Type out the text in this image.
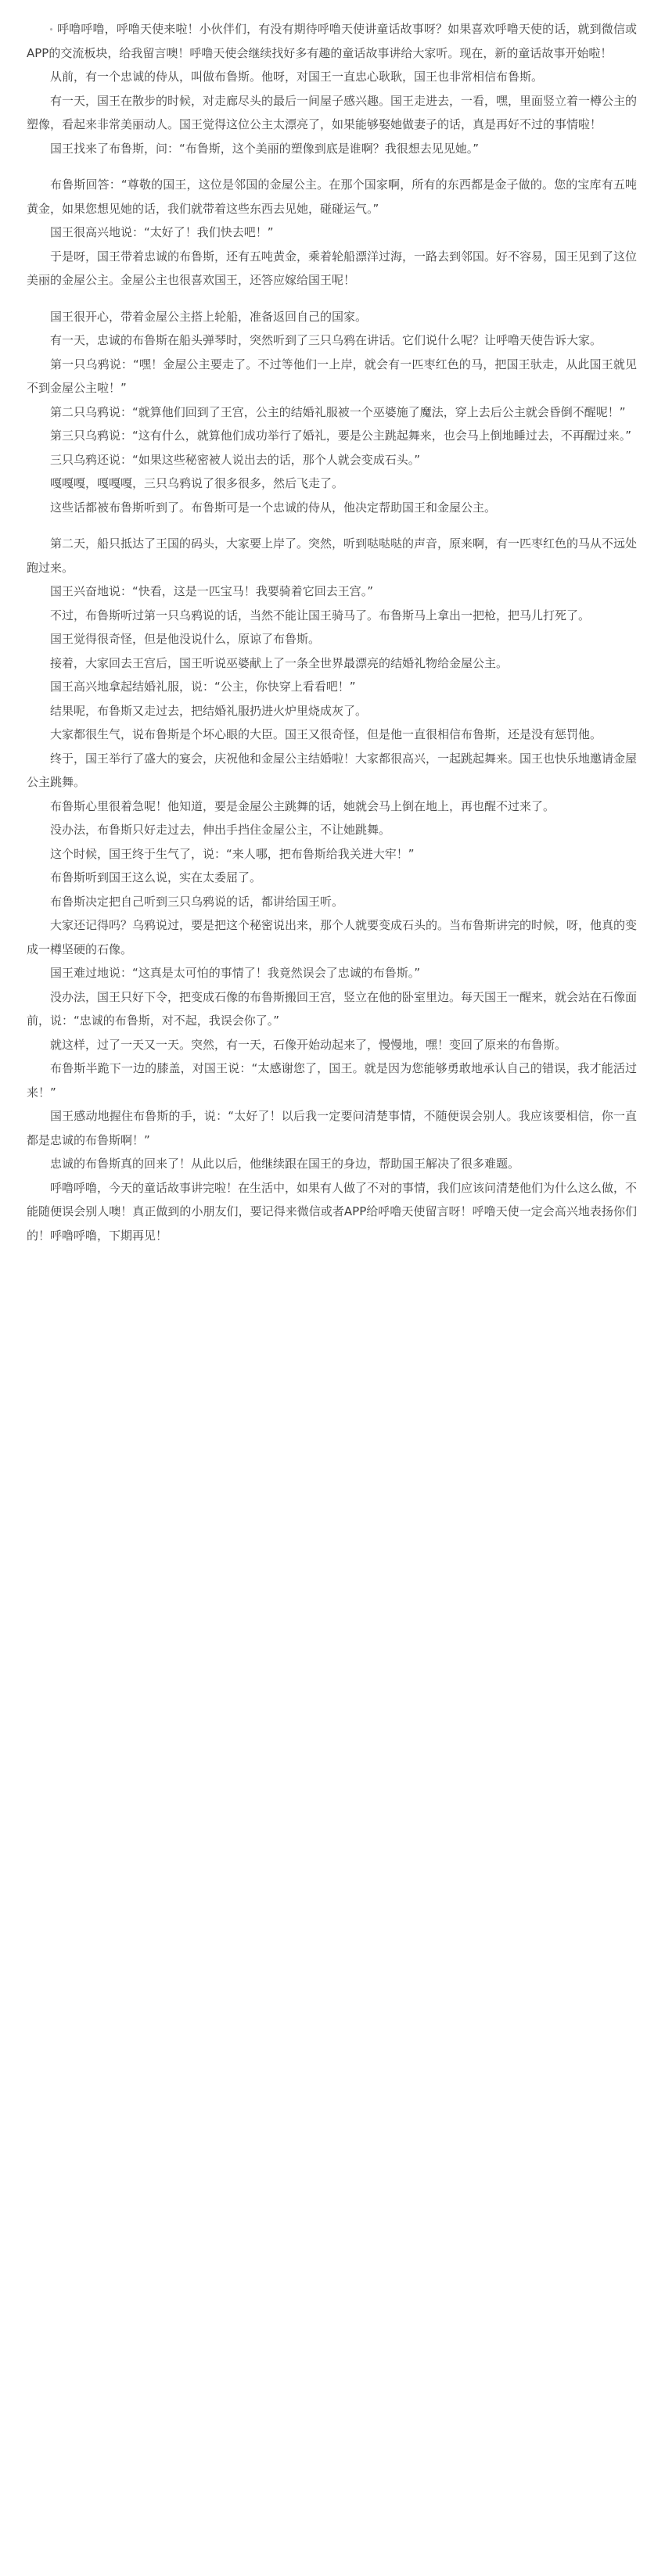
呼噜呼噜，呼噜天使来啦！小伙伴们，有没有期待呼噜天使讲童话故事呀？如果喜欢呼噜天使的话，就到微信或APP的交流板块，给我留言噢！呼噜天使会继续找好多有趣的童话故事讲给大家听。现在，新的童话故事开始啦！

从前，有一个忠诚的侍从，叫做布鲁斯。他呀，对国王一直忠心耿耿，国王也非常相信布鲁斯。

有一天，国王在散步的时候，对走廊尽头的最后一间屋子感兴趣。国王走进去，一看，嘿，里面竖立着一樽公主的塑像，看起来非常美丽动人。国王觉得这位公主太漂亮了，如果能够娶她做妻子的话，真是再好不过的事情啦！

国王找来了布鲁斯，问：“布鲁斯，这个美丽的塑像到底是谁啊？我很想去见见她。”

布鲁斯回答：“尊敬的国王，这位是邻国的金屋公主。在那个国家啊，所有的东西都是金子做的。您的宝库有五吨黄金，如果您想见她的话，我们就带着这些东西去见她，碰碰运气。”

国王很高兴地说：“太好了！我们快去吧！”

于是呀，国王带着忠诚的布鲁斯，还有五吨黄金，乘着轮船漂洋过海，一路去到邻国。好不容易，国王见到了这位美丽的金屋公主。金屋公主也很喜欢国王，还答应嫁给国王呢！

国王很开心，带着金屋公主搭上轮船，准备返回自己的国家。

有一天，忠诚的布鲁斯在船头弹琴时，突然听到了三只乌鸦在讲话。它们说什么呢？让呼噜天使告诉大家。

第一只乌鸦说：“嘿！金屋公主要走了。不过等他们一上岸，就会有一匹枣红色的马，把国王驮走，从此国王就见不到金屋公主啦！”

第二只乌鸦说：“就算他们回到了王宫，公主的结婚礼服被一个巫婆施了魔法，穿上去后公主就会昏倒不醒呢！”

第三只乌鸦说：“这有什么，就算他们成功举行了婚礼，要是公主跳起舞来，也会马上倒地睡过去，不再醒过来。”

三只乌鸦还说：“如果这些秘密被人说出去的话，那个人就会变成石头。”

嘎嘎嘎，嘎嘎嘎，三只乌鸦说了很多很多，然后飞走了。

这些话都被布鲁斯听到了。布鲁斯可是一个忠诚的侍从，他决定帮助国王和金屋公主。

第二天，船只抵达了王国的码头，大家要上岸了。突然，听到哒哒哒的声音，原来啊，有一匹枣红色的马从不远处跑过来。

国王兴奋地说：“快看，这是一匹宝马！我要骑着它回去王宫。”

不过，布鲁斯听过第一只乌鸦说的话，当然不能让国王骑马了。布鲁斯马上拿出一把枪，把马儿打死了。

国王觉得很奇怪，但是他没说什么，原谅了布鲁斯。

接着，大家回去王宫后，国王听说巫婆献上了一条全世界最漂亮的结婚礼物给金屋公主。

国王高兴地拿起结婚礼服，说：“公主，你快穿上看看吧！”

结果呢，布鲁斯又走过去，把结婚礼服扔进火炉里烧成灰了。

大家都很生气，说布鲁斯是个坏心眼的大臣。国王又很奇怪，但是他一直很相信布鲁斯，还是没有惩罚他。

终于，国王举行了盛大的宴会，庆祝他和金屋公主结婚啦！大家都很高兴，一起跳起舞来。国王也快乐地邀请金屋公主跳舞。

布鲁斯心里很着急呢！他知道，要是金屋公主跳舞的话，她就会马上倒在地上，再也醒不过来了。

没办法，布鲁斯只好走过去，伸出手挡住金屋公主，不让她跳舞。

这个时候，国王终于生气了，说：“来人哪，把布鲁斯给我关进大牢！”

布鲁斯听到国王这么说，实在太委屈了。

布鲁斯决定把自己听到三只乌鸦说的话，都讲给国王听。

大家还记得吗？乌鸦说过，要是把这个秘密说出来，那个人就要变成石头的。当布鲁斯讲完的时候，呀，他真的变成一樽坚硬的石像。

国王难过地说：“这真是太可怕的事情了！我竟然误会了忠诚的布鲁斯。”

没办法，国王只好下令，把变成石像的布鲁斯搬回王宫，竖立在他的卧室里边。每天国王一醒来，就会站在石像面前，说：“忠诚的布鲁斯，对不起，我误会你了。”

就这样，过了一天又一天。突然，有一天，石像开始动起来了，慢慢地，嘿！变回了原来的布鲁斯。

布鲁斯半跪下一边的膝盖，对国王说：“太感谢您了，国王。就是因为您能够勇敢地承认自己的错误，我才能活过来！”

国王感动地握住布鲁斯的手，说：“太好了！以后我一定要问清楚事情，不随便误会别人。我应该要相信，你一直都是忠诚的布鲁斯啊！”

忠诚的布鲁斯真的回来了！从此以后，他继续跟在国王的身边，帮助国王解决了很多难题。

呼噜呼噜，今天的童话故事讲完啦！在生活中，如果有人做了不对的事情，我们应该问清楚他们为什么这么做，不能随便误会别人噢！真正做到的小朋友们，要记得来微信或者APP给呼噜天使留言呀！呼噜天使一定会高兴地表扬你们的！呼噜呼噜，下期再见！
